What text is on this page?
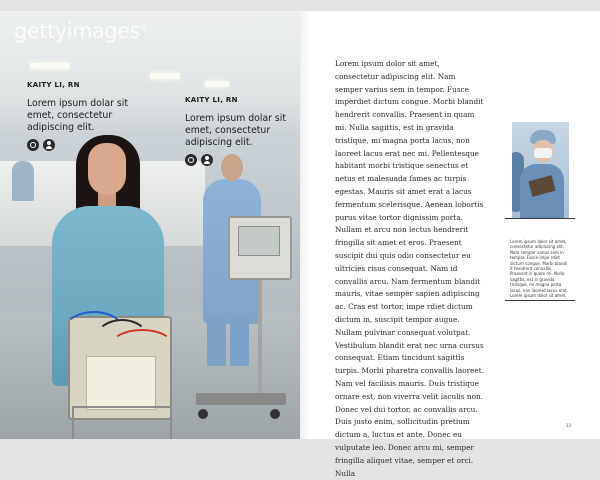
gettyimages®
KAITY LI, RN
Lorem ipsum dolar sit emet, consectetur adipiscing elit.
KAITY LI, RN
Lorem ipsum dolar sit emet, consectetur adipiscing elit.
Lorem ipsum dolor sit amet, consectetur adipiscing elit. Nam semper varius sem in tempor. Fusce imperdiet dictum congue. Morbi blandit hendrerit convallis. Praesent in quam mi. Nulla sagittis, est in gravida tristique, mi magna porta lacus, non laoreet lacus erat nec mi. Pellentesque habitant morbi tristique senectus et netus et malesuada fames ac turpis egestas. Mauris sit amet erat a lacus fermentum scelerisque. Aenean lobortis purus vitae tortor dignissim porta. Nullam et arcu non lectus hendrerit fringilla sit amet et eros. Praesent suscipit dui quis odio consectetur eu ultricies risus consequat. Nam id convallis arcu. Nam fermentum blandit mauris, vitae semper sapien adipiscing ac. Cras est tortor, impe rdiet dictum dictum in, suscipit tempor augue. Nullam pulvinar consequat volutpat. Vestibulum blandit erat nec urna cursus consequat. Etiam tincidunt sagittis turpis. Morbi pharetra convallis laoreet. Nam vel facilisis mauris. Duis tristique ornare est, non viverra velit iaculis non. Donec vel dui tortor, ac convallis arcu. Duis justo enim, sollicitudin pretium dictum a, luctus et ante. Donec eu vulputate leo. Donec arcu mi, semper fringilla aliquet vitae, semper et orci. Nulla
Lorem ipsum dolor sit amet, consectetur adipiscing elit. Nam semper varius sem in tempor. Fusce impe rdiet dictum congue. Morbi blandi it hendrerit convallis. Praesent in quam mi. Nulla sagittis, est in gravida tristique, mi magna porta lacus, non laoreet lacus erat. Lorem ipsum dolor sit amet.
13
